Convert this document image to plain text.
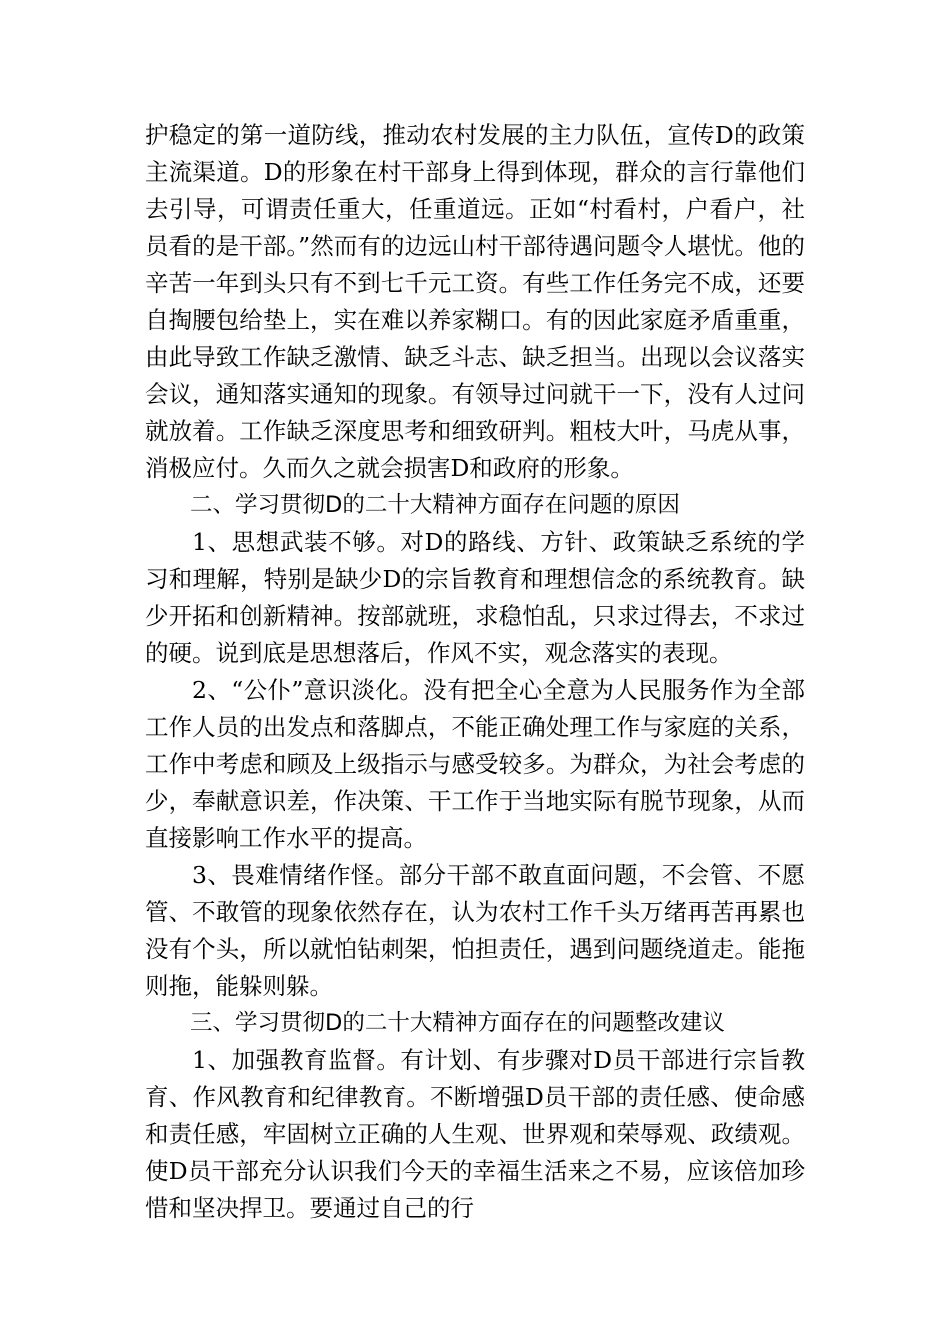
护稳定的第一道防线，推动农村发展的主力队伍，宣传D的政策主流渠道。D的形象在村干部身上得到体现，群众的言行靠他们去引导，可谓责任重大，任重道远。正如“村看村，户看户，社员看的是干部。”然而有的边远山村干部待遇问题令人堪忧。他的辛苦一年到头只有不到七千元工资。有些工作任务完不成，还要自掏腰包给垫上，实在难以养家糊口。有的因此家庭矛盾重重，由此导致工作缺乏激情、缺乏斗志、缺乏担当。出现以会议落实会议，通知落实通知的现象。有领导过问就干一下，没有人过问就放着。工作缺乏深度思考和细致研判。粗枝大叶，马虎从事，消极应付。久而久之就会损害D和政府的形象。

二、学习贯彻D的二十大精神方面存在问题的原因

1、思想武装不够。对D的路线、方针、政策缺乏系统的学习和理解，特别是缺少D的宗旨教育和理想信念的系统教育。缺少开拓和创新精神。按部就班，求稳怕乱，只求过得去，不求过的硬。说到底是思想落后，作风不实，观念落实的表现。

2、“公仆”意识淡化。没有把全心全意为人民服务作为全部工作人员的出发点和落脚点，不能正确处理工作与家庭的关系，工作中考虑和顾及上级指示与感受较多。为群众，为社会考虑的少，奉献意识差，作决策、干工作于当地实际有脱节现象，从而直接影响工作水平的提高。

3、畏难情绪作怪。部分干部不敢直面问题，不会管、不愿管、不敢管的现象依然存在，认为农村工作千头万绪再苦再累也没有个头，所以就怕钻刺架，怕担责任，遇到问题绕道走。能拖则拖，能躲则躲。

三、学习贯彻D的二十大精神方面存在的问题整改建议

1、加强教育监督。有计划、有步骤对D员干部进行宗旨教育、作风教育和纪律教育。不断增强D员干部的责任感、使命感和责任感，牢固树立正确的人生观、世界观和荣辱观、政绩观。使D员干部充分认识我们今天的幸福生活来之不易，应该倍加珍惜和坚决捍卫。要通过自己的行
